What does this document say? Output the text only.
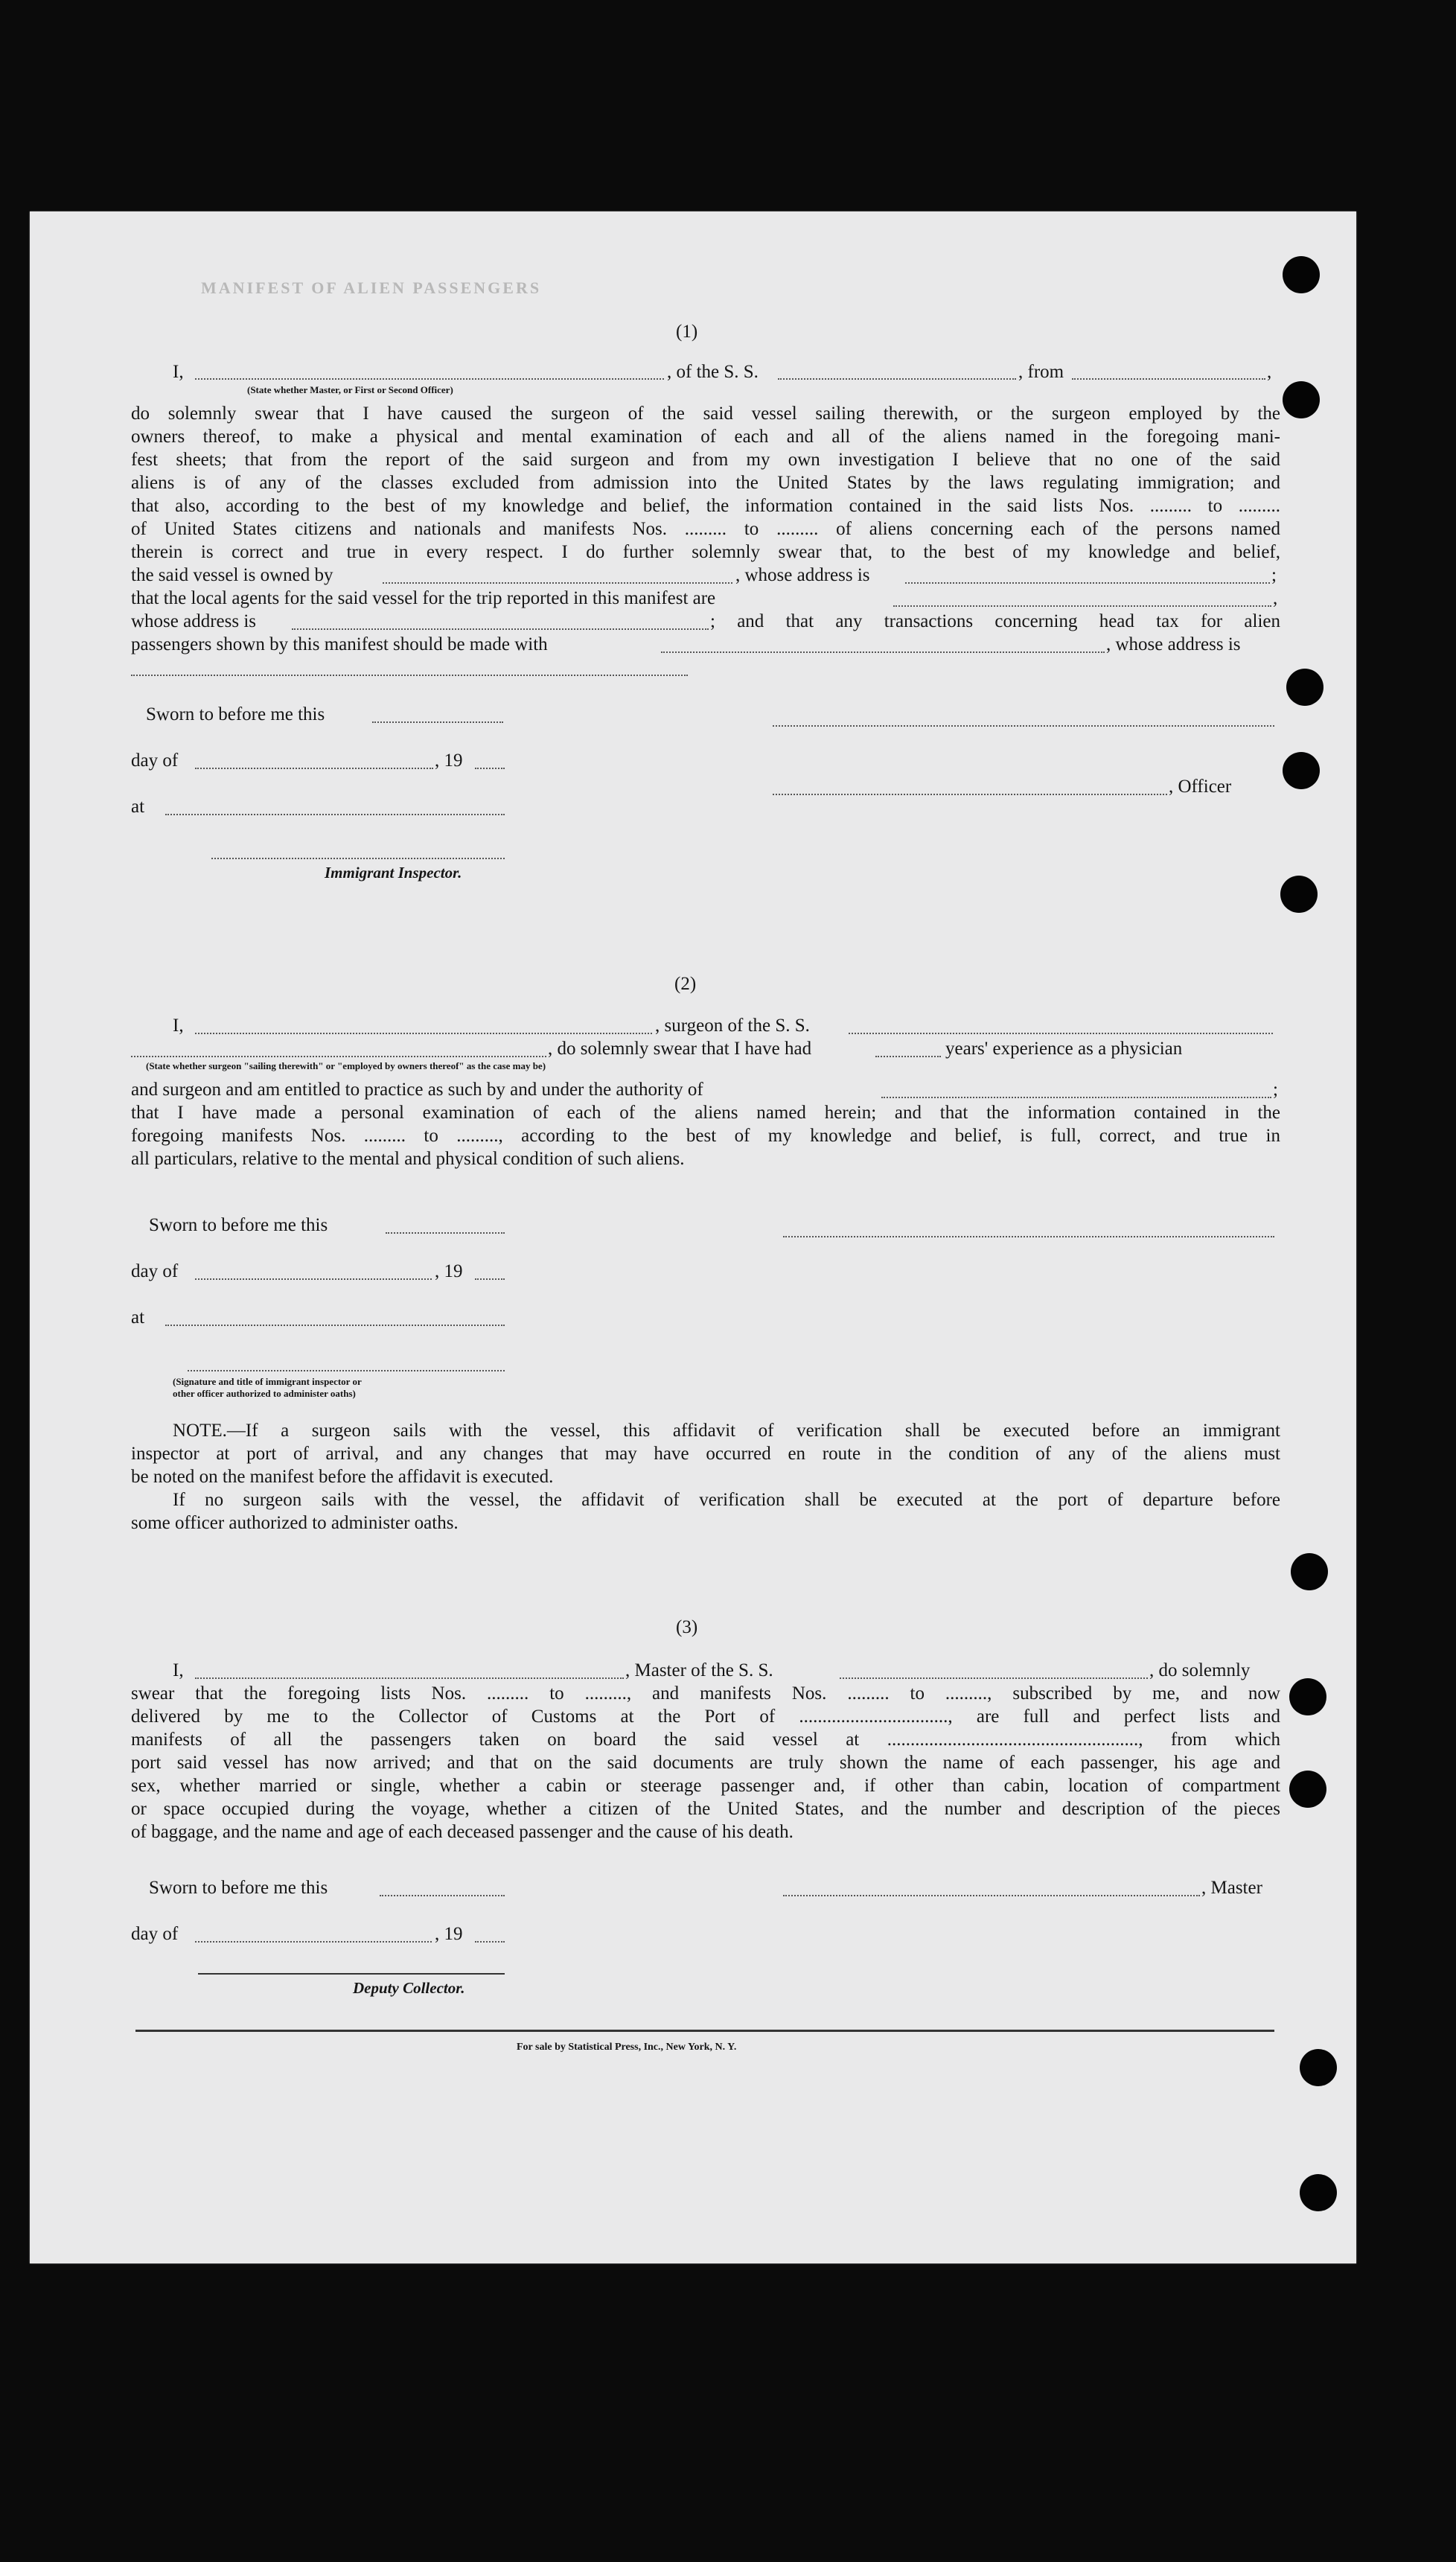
MANIFEST OF ALIEN PASSENGERS
(1)
I,	, of the S. S.	, from	,
(State whether Master, or First or Second Officer)
do solemnly swear that I have caused the surgeon of the said vessel sailing therewith, or the surgeon employed by the
owners thereof, to make a physical and mental examination of each and all of the aliens named in the foregoing mani-
fest sheets; that from the report of the said surgeon and from my own investigation I believe that no one of the said
aliens is of any of the classes excluded from admission into the United States by the laws regulating immigration; and
that also, according to the best of my knowledge and belief, the information contained in the said lists Nos. ......... to .........
of United States citizens and nationals and manifests Nos. ......... to ......... of aliens concerning each of the persons named
therein is correct and true in every respect. I do further solemnly swear that, to the best of my knowledge and belief,
the said vessel is owned by	, whose address is	;
that the local agents for the said vessel for the trip reported in this manifest are	,
whose address is	; and that any transactions concerning head tax for alien
passengers shown by this manifest should be made with	, whose address is
Sworn to before me this
day of	, 19
, Officer
at
Immigrant Inspector.
(2)
I,	, surgeon of the S. S.
, do solemnly swear that I have had	years' experience as a physician
(State whether surgeon "sailing therewith" or "employed by owners thereof" as the case may be)
and surgeon and am entitled to practice as such by and under the authority of	;
that I have made a personal examination of each of the aliens named herein; and that the information contained in the
foregoing manifests Nos. ......... to ........., according to the best of my knowledge and belief, is full, correct, and true in
all particulars, relative to the mental and physical condition of such aliens.
Sworn to before me this
day of	, 19
at
(Signature and title of immigrant inspector or
other officer authorized to administer oaths)
NOTE.—If a surgeon sails with the vessel, this affidavit of verification shall be executed before an immigrant
inspector at port of arrival, and any changes that may have occurred en route in the condition of any of the aliens must
be noted on the manifest before the affidavit is executed.
If no surgeon sails with the vessel, the affidavit of verification shall be executed at the port of departure before
some officer authorized to administer oaths.
(3)
I,	, Master of the S. S.	, do solemnly
swear that the foregoing lists Nos. ......... to ........., and manifests Nos. ......... to ........., subscribed by me, and now
delivered by me to the Collector of Customs at the Port of ................................, are full and perfect lists and
manifests of all the passengers taken on board the said vessel at ......................................................, from which
port said vessel has now arrived; and that on the said documents are truly shown the name of each passenger, his age and
sex, whether married or single, whether a cabin or steerage passenger and, if other than cabin, location of compartment
or space occupied during the voyage, whether a citizen of the United States, and the number and description of the pieces
of baggage, and the name and age of each deceased passenger and the cause of his death.
Sworn to before me this	, Master
day of	, 19
Deputy Collector.
For sale by Statistical Press, Inc., New York, N. Y.
